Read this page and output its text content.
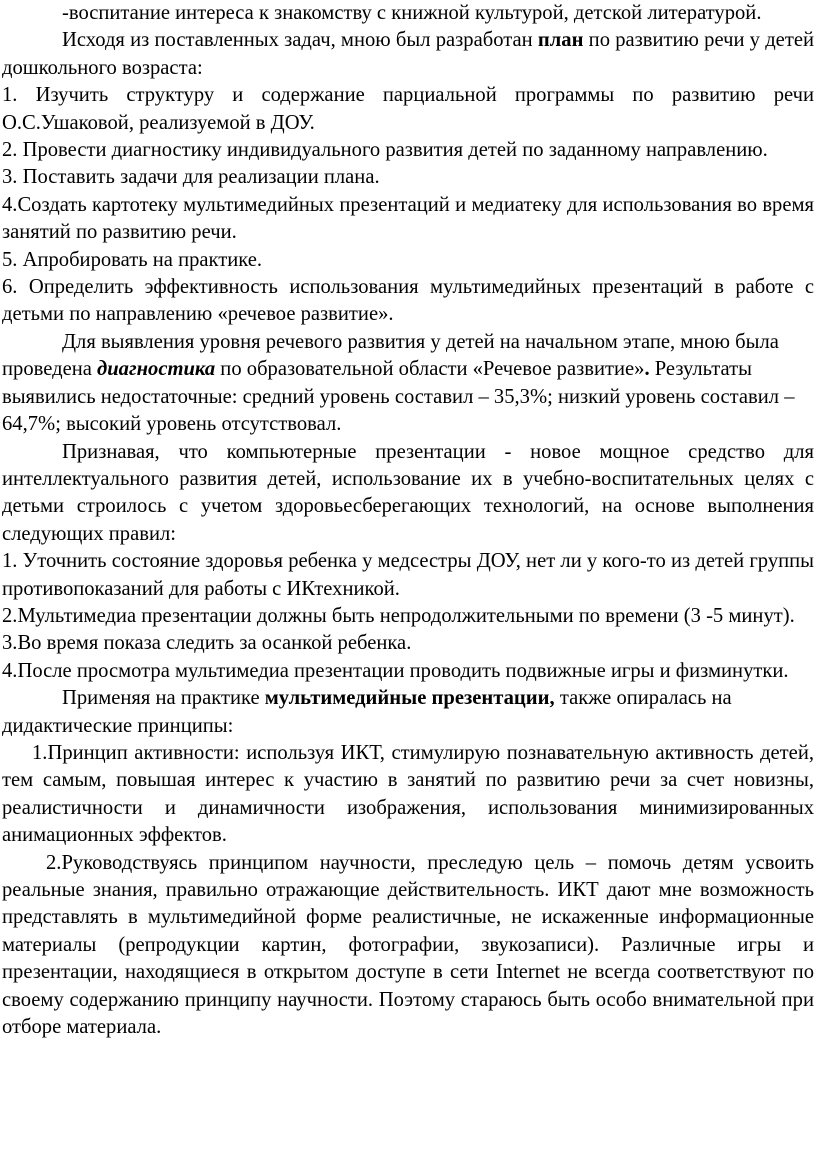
-воспитание интереса к знакомству с книжной культурой, детской литературой.

Исходя из поставленных задач, мною был разработан план по развитию речи у детей дошкольного возраста:

1. Изучить структуру и содержание парциальной программы по развитию речи О.С.Ушаковой, реализуемой в ДОУ.

2. Провести диагностику индивидуального развития детей по заданному направлению.

3. Поставить задачи для реализации плана.

4.Создать картотеку мультимедийных презентаций и медиатеку для использования во время занятий по развитию речи.

5. Апробировать на практике.

6. Определить эффективность использования мультимедийных презентаций в работе с детьми по направлению «речевое развитие».

Для выявления уровня речевого развития у детей на начальном этапе, мною была проведена диагностика по образовательной области «Речевое развитие». Результаты выявились недостаточные: средний уровень составил – 35,3%; низкий уровень составил – 64,7%; высокий уровень отсутствовал.

Признавая, что компьютерные презентации - новое мощное средство для интеллектуального развития детей, использование их в учебно-воспитательных целях с детьми строилось с учетом здоровьесберегающих технологий, на основе выполнения следующих правил:

1. Уточнить состояние здоровья ребенка у медсестры ДОУ, нет ли у кого-то из детей группы противопоказаний для работы с ИКтехникой.

2.Мультимедиа презентации должны быть непродолжительными по времени (3 -5 минут).

3.Во время показа следить за осанкой ребенка.

4.После просмотра мультимедиа презентации проводить подвижные игры и физминутки.

Применяя на практике мультимедийные презентации, также опиралась на дидактические принципы:

1.Принцип активности: используя ИКТ, стимулирую познавательную активность детей, тем самым, повышая интерес к участию в занятий по развитию речи за счет новизны, реалистичности и динамичности изображения, использования минимизированных анимационных эффектов.

2.Руководствуясь принципом научности, преследую цель – помочь детям усвоить реальные знания, правильно отражающие действительность. ИКТ дают мне возможность представлять в мультимедийной форме реалистичные, не искаженные информационные материалы (репродукции картин, фотографии, звукозаписи). Различные игры и презентации, находящиеся в открытом доступе в сети Internet не всегда соответствуют по своему содержанию принципу научности. Поэтому стараюсь быть особо внимательной при отборе материала.
